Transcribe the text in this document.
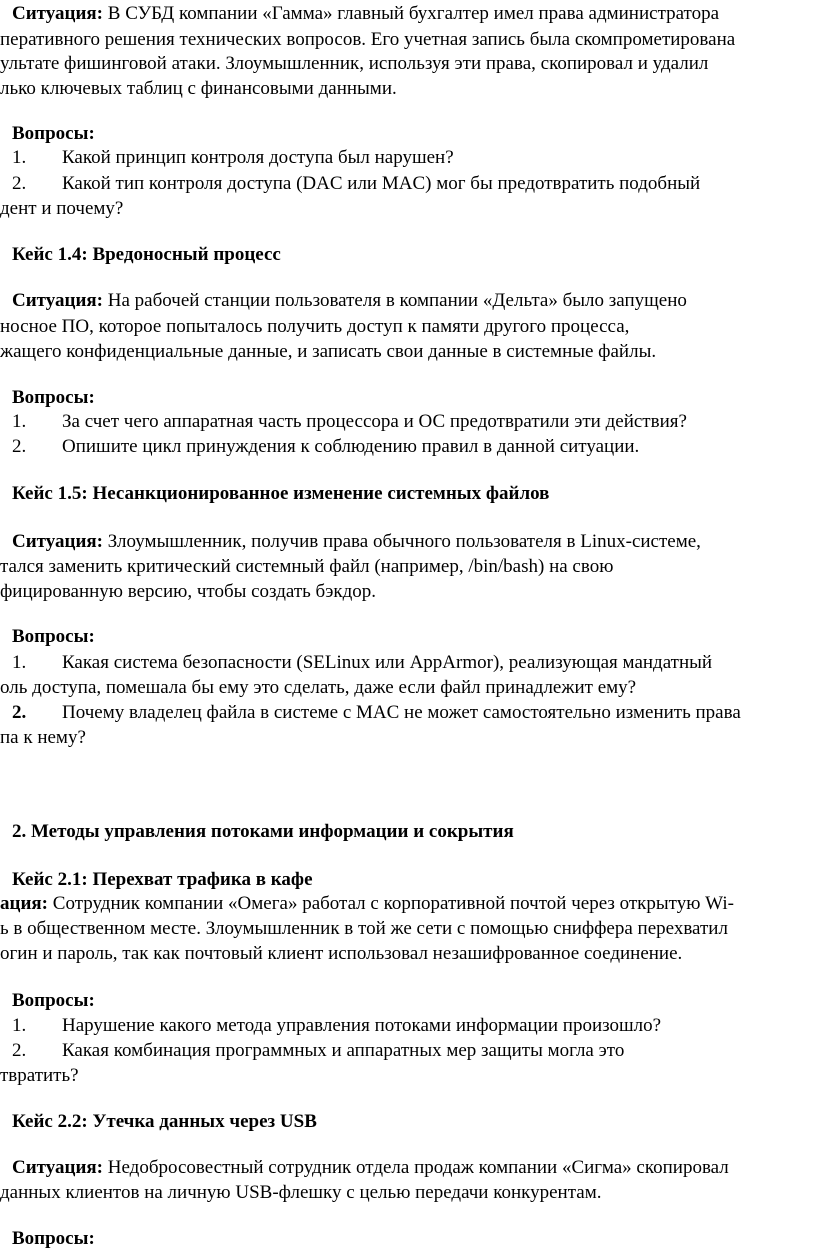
Ситуация: В СУБД компании «Гамма» главный бухгалтер имел права администратора
перативного решения технических вопросов. Его учетная запись была скомпрометирована
ультате фишинговой атаки. Злоумышленник, используя эти права, скопировал и удалил
лько ключевых таблиц с финансовыми данными.
Вопросы:
1. Какой принцип контроля доступа был нарушен?
2. Какой тип контроля доступа (DAC или MAC) мог бы предотвратить подобный
дент и почему?
Кейс 1.4: Вредоносный процесс
Ситуация: На рабочей станции пользователя в компании «Дельта» было запущено
носное ПО, которое попыталось получить доступ к памяти другого процесса,
жащего конфиденциальные данные, и записать свои данные в системные файлы.
Вопросы:
1. За счет чего аппаратная часть процессора и ОС предотвратили эти действия?
2. Опишите цикл принуждения к соблюдению правил в данной ситуации.
Кейс 1.5: Несанкционированное изменение системных файлов
Ситуация: Злоумышленник, получив права обычного пользователя в Linux-системе,
тался заменить критический системный файл (например, /bin/bash) на свою
фицированную версию, чтобы создать бэкдор.
Вопросы:
1. Какая система безопасности (SELinux или AppArmor), реализующая мандатный
оль доступа, помешала бы ему это сделать, даже если файл принадлежит ему?
2. Почему владелец файла в системе с MAC не может самостоятельно изменить права
па к нему?
2. Методы управления потоками информации и сокрытия
Кейс 2.1: Перехват трафика в кафе
ация: Сотрудник компании «Омега» работал с корпоративной почтой через открытую Wi-
ь в общественном месте. Злоумышленник в той же сети с помощью сниффера перехватил
огин и пароль, так как почтовый клиент использовал незашифрованное соединение.
Вопросы:
1. Нарушение какого метода управления потоками информации произошло?
2. Какая комбинация программных и аппаратных мер защиты могла это
твратить?
Кейс 2.2: Утечка данных через USB
Ситуация: Недобросовестный сотрудник отдела продаж компании «Сигма» скопировал
данных клиентов на личную USB-флешку с целью передачи конкурентам.
Вопросы:
